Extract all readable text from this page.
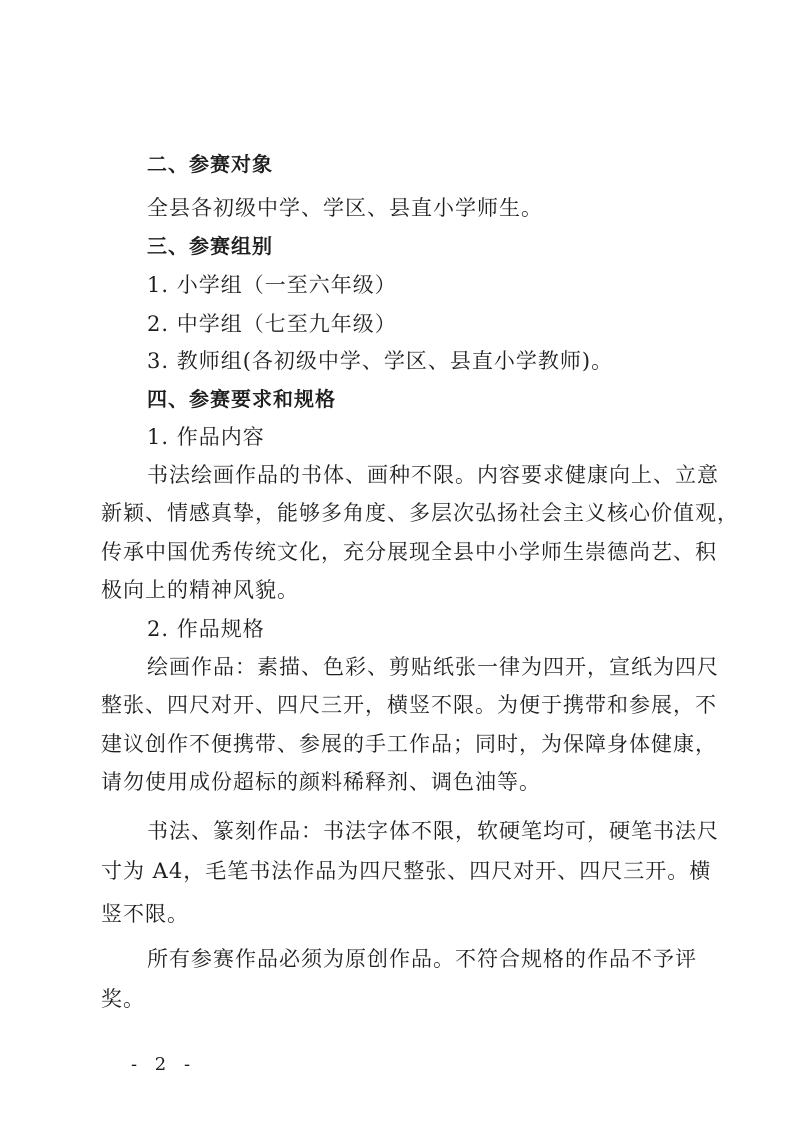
二、参赛对象
全县各初级中学、学区、县直小学师生。
三、参赛组别
1. 小学组（一至六年级）
2. 中学组（七至九年级）
3. 教师组(各初级中学、学区、县直小学教师)。
四、参赛要求和规格
1. 作品内容
书法绘画作品的书体、画种不限。内容要求健康向上、立意
新颖、情感真挚，能够多角度、多层次弘扬社会主义核心价值观，
传承中国优秀传统文化，充分展现全县中小学师生崇德尚艺、积
极向上的精神风貌。
2. 作品规格
绘画作品：素描、色彩、剪贴纸张一律为四开，宣纸为四尺
整张、四尺对开、四尺三开，横竖不限。为便于携带和参展，不
建议创作不便携带、参展的手工作品；同时，为保障身体健康，
请勿使用成份超标的颜料稀释剂、调色油等。
书法、篆刻作品：书法字体不限，软硬笔均可，硬笔书法尺
寸为 A4，毛笔书法作品为四尺整张、四尺对开、四尺三开。横
竖不限。
所有参赛作品必须为原创作品。不符合规格的作品不予评
奖。
- 2 -
